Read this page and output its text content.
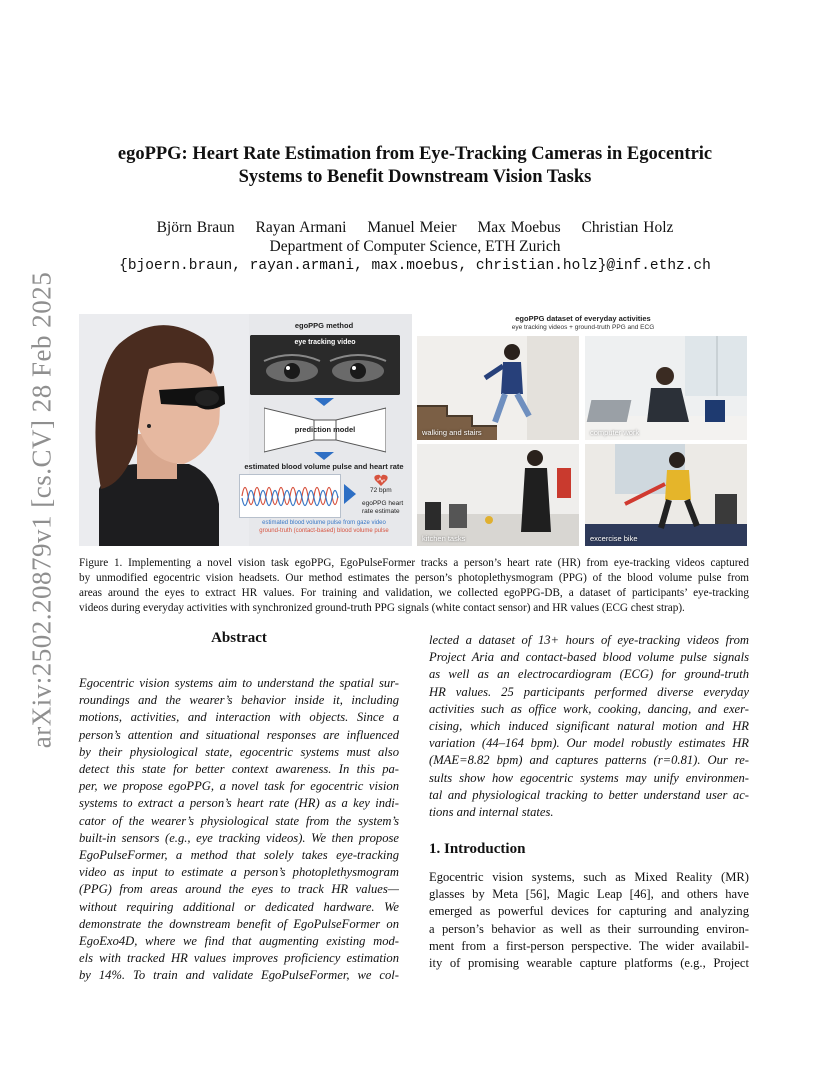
arXiv:2502.20879v1 [cs.CV] 28 Feb 2025
egoPPG: Heart Rate Estimation from Eye-Tracking Cameras in Egocentric
Systems to Benefit Downstream Vision Tasks
Björn Braun Rayan Armani Manuel Meier Max Moebus Christian Holz
Department of Computer Science, ETH Zurich
{bjoern.braun, rayan.armani, max.moebus, christian.holz}@inf.ethz.ch
egoPPG method
eye tracking video
prediction model
estimated blood volume pulse and heart rate
72 bpm
egoPPG heart rate estimate
estimated blood volume pulse from gaze video
ground-truth (contact-based) blood volume pulse
egoPPG dataset of everyday activities
eye tracking videos + ground-truth PPG and ECG
walking and stairs	computer work
kitchen tasks	excercise bike
Figure 1. Implementing a novel vision task egoPPG, EgoPulseFormer tracks a person’s heart rate (HR) from eye-tracking videos captured
by unmodified egocentric vision headsets. Our method estimates the person’s photoplethysmogram (PPG) of the blood volume pulse from
areas around the eyes to extract HR values. For training and validation, we collected egoPPG-DB, a dataset of participants’ eye-tracking
videos during everyday activities with synchronized ground-truth PPG signals (white contact sensor) and HR values (ECG chest strap).
Abstract
Egocentric vision systems aim to understand the spatial sur-
roundings and the wearer’s behavior inside it, including
motions, activities, and interaction with objects. Since a
person’s attention and situational responses are influenced
by their physiological state, egocentric systems must also
detect this state for better context awareness. In this pa-
per, we propose egoPPG, a novel task for egocentric vision
systems to extract a person’s heart rate (HR) as a key indi-
cator of the wearer’s physiological state from the system’s
built-in sensors (e.g., eye tracking videos). We then propose
EgoPulseFormer, a method that solely takes eye-tracking
video as input to estimate a person’s photoplethysmogram
(PPG) from areas around the eyes to track HR values—
without requiring additional or dedicated hardware. We
demonstrate the downstream benefit of EgoPulseFormer on
EgoExo4D, where we find that augmenting existing mod-
els with tracked HR values improves proficiency estimation
by 14%. To train and validate EgoPulseFormer, we col-
lected a dataset of 13+ hours of eye-tracking videos from
Project Aria and contact-based blood volume pulse signals
as well as an electrocardiogram (ECG) for ground-truth
HR values. 25 participants performed diverse everyday
activities such as office work, cooking, dancing, and exer-
cising, which induced significant natural motion and HR
variation (44–164 bpm). Our model robustly estimates HR
(MAE=8.82 bpm) and captures patterns (r=0.81). Our re-
sults show how egocentric systems may unify environmen-
tal and physiological tracking to better understand user ac-
tions and internal states.
1. Introduction
Egocentric vision systems, such as Mixed Reality (MR)
glasses by Meta [56], Magic Leap [46], and others have
emerged as powerful devices for capturing and analyzing
a person’s behavior as well as their surrounding environ-
ment from a first-person perspective. The wider availabil-
ity of promising wearable capture platforms (e.g., Project
